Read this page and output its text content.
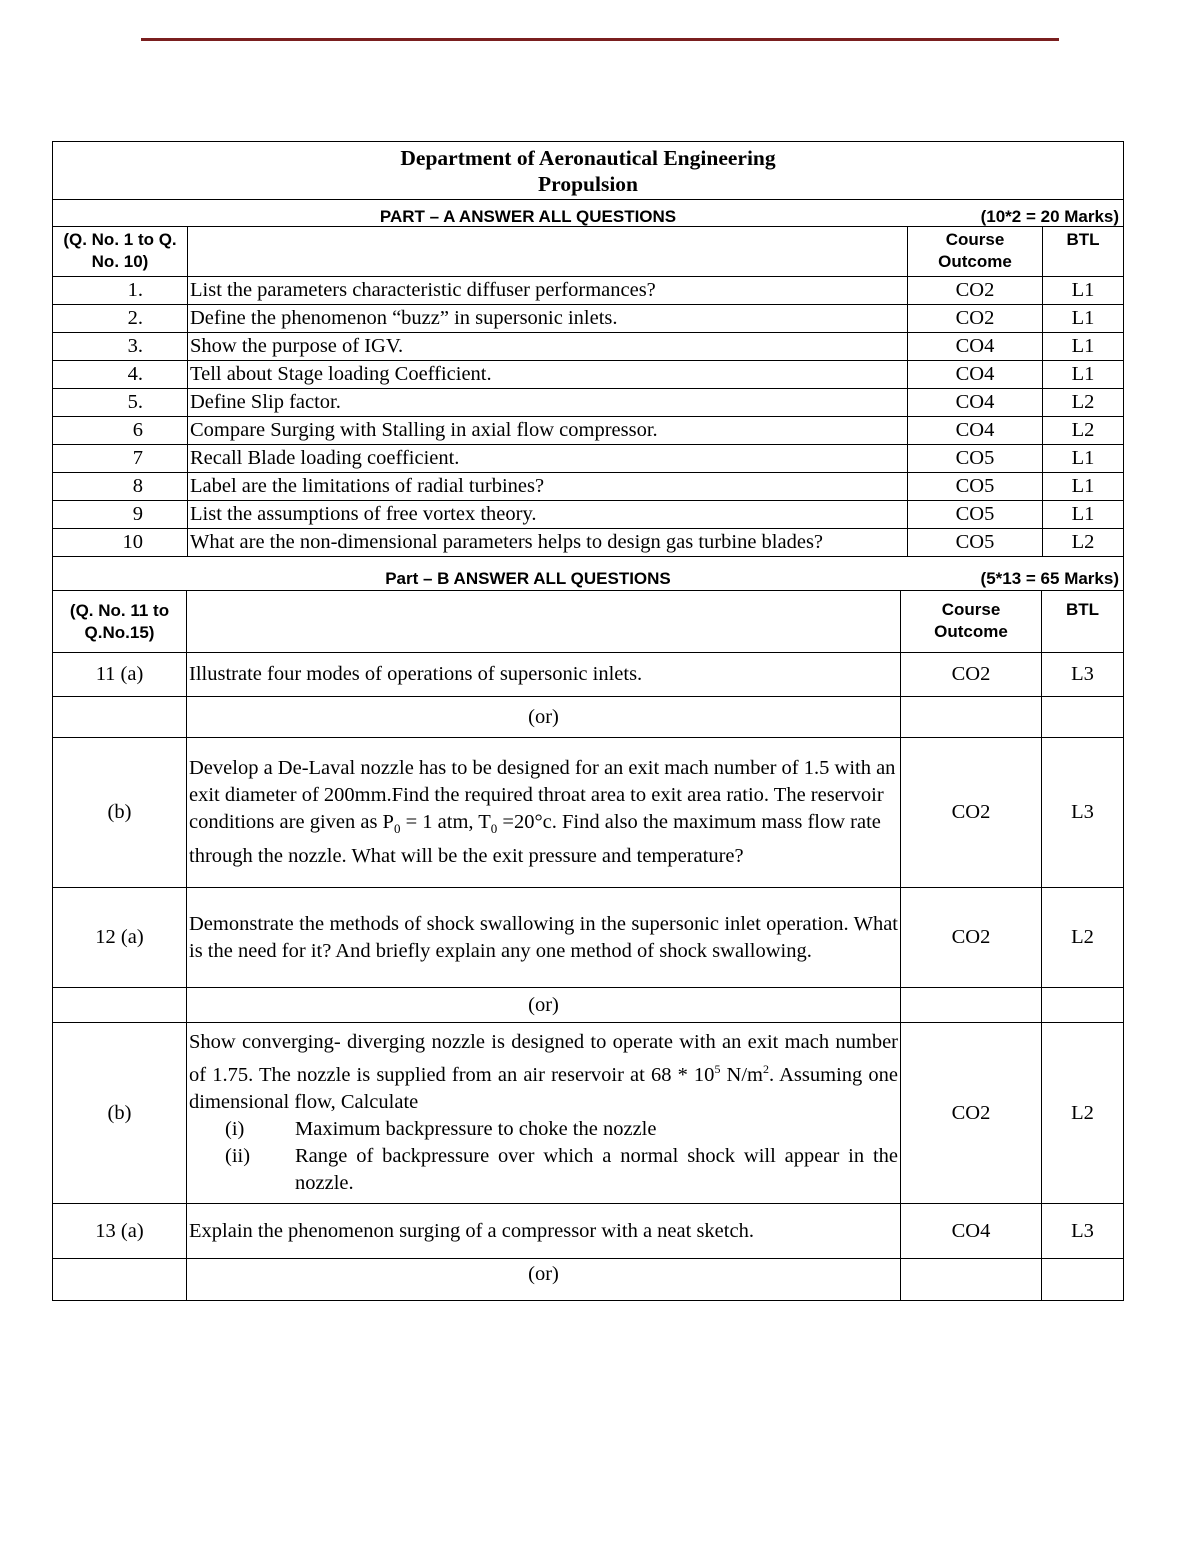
Department of Aeronautical Engineering
Propulsion			

PART – A ANSWER ALL QUESTIONS (10*2 = 20 Marks)			

(Q. No. 1 to Q. No. 10)		Course Outcome	BTL
1.	List the parameters characteristic diffuser performances?	CO2	L1
2.	Define the phenomenon “buzz” in supersonic inlets.	CO2	L1
3.	Show the purpose of IGV.	CO4	L1
4.	Tell about Stage loading Coefficient.	CO4	L1
5.	Define Slip factor.	CO4	L2
6	Compare Surging with Stalling in axial flow compressor.	CO4	L2
7	Recall Blade loading coefficient.	CO5	L1
8	Label are the limitations of radial turbines?	CO5	L1
9	List the assumptions of free vortex theory.	CO5	L1
10	What are the non-dimensional parameters helps to design gas turbine blades?	CO5	L2
Part – B ANSWER ALL QUESTIONS (5*13 = 65 Marks)			

(Q. No. 11 to Q.No.15)		Course Outcome	BTL
11 (a)	Illustrate four modes of operations of supersonic inlets.	CO2	L3
	(or)		
(b)	Develop a De-Laval nozzle has to be designed for an exit mach number of 1.5 with an exit diameter of 200mm.Find the required throat area to exit area ratio. The reservoir conditions are given as $P_0 = 1$ atm, $T_0 =20^\circ c$. Find also the maximum mass flow rate through the nozzle. What will be the exit pressure and temperature?	CO2	L3
12 (a)	Demonstrate the methods of shock swallowing in the supersonic inlet operation. What is the need for it? And briefly explain any one method of shock swallowing.	CO2	L2
	(or)		
(b)	Show converging- diverging nozzle is designed to operate with an exit mach number of 1.75. The nozzle is supplied from an air reservoir at $68 * 10^5$ $N/m^2$. Assuming one dimensional flow, Calculate
(i) Maximum backpressure to choke the nozzle
(ii) Range of backpressure over which a normal shock will appear in the nozzle.	CO2	L2
13 (a)	Explain the phenomenon surging of a compressor with a neat sketch.	CO4	L3
	(or)		
